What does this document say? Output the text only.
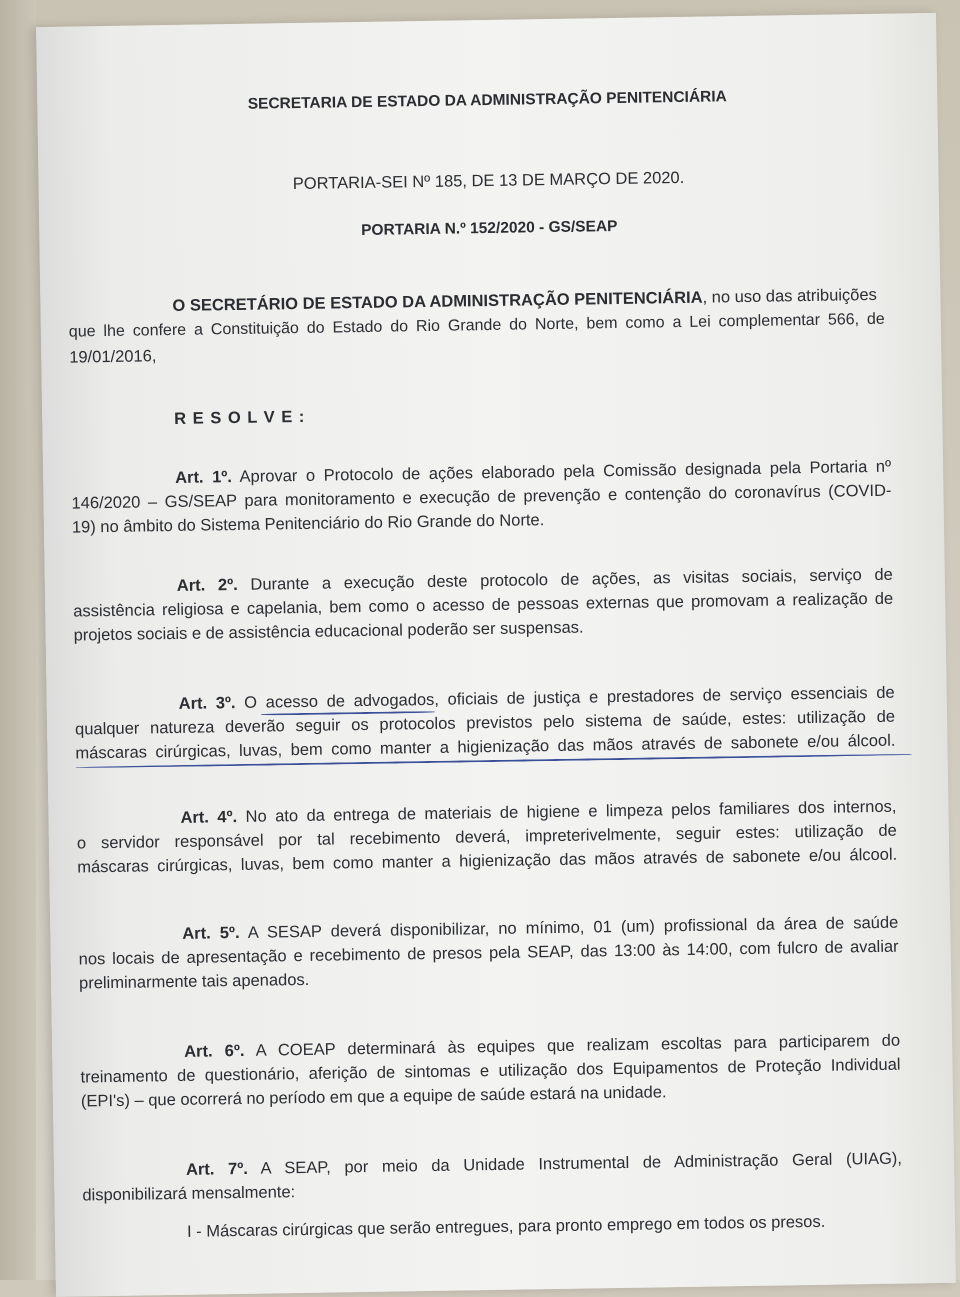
SECRETARIA DE ESTADO DA ADMINISTRAÇÃO PENITENCIÁRIA
PORTARIA-SEI Nº 185, DE 13 DE MARÇO DE 2020.
PORTARIA N.º 152/2020 - GS/SEAP
O SECRETÁRIO DE ESTADO DA ADMINISTRAÇÃO PENITENCIÁRIA, no uso das atribuições
que lhe confere a Constituição do Estado do Rio Grande do Norte, bem como a Lei complementar 566, de
19/01/2016,
R E S O L V E :
Art. 1º. Aprovar o Protocolo de ações elaborado pela Comissão designada pela Portaria nº
146/2020 – GS/SEAP para monitoramento e execução de prevenção e contenção do coronavírus (COVID-
19) no âmbito do Sistema Penitenciário do Rio Grande do Norte.
Art. 2º. Durante a execução deste protocolo de ações, as visitas sociais, serviço de
assistência religiosa e capelania, bem como o acesso de pessoas externas que promovam a realização de
projetos sociais e de assistência educacional poderão ser suspensas.
Art. 3º. O acesso de advogados, oficiais de justiça e prestadores de serviço essenciais de
qualquer natureza deverão seguir os protocolos previstos pelo sistema de saúde, estes: utilização de
máscaras cirúrgicas, luvas, bem como manter a higienização das mãos através de sabonete e/ou álcool.
Art. 4º. No ato da entrega de materiais de higiene e limpeza pelos familiares dos internos,
o servidor responsável por tal recebimento deverá, impreterivelmente, seguir estes: utilização de
máscaras cirúrgicas, luvas, bem como manter a higienização das mãos através de sabonete e/ou álcool.
Art. 5º. A SESAP deverá disponibilizar, no mínimo, 01 (um) profissional da área de saúde
nos locais de apresentação e recebimento de presos pela SEAP, das 13:00 às 14:00, com fulcro de avaliar
preliminarmente tais apenados.
Art. 6º. A COEAP determinará às equipes que realizam escoltas para participarem do
treinamento de questionário, aferição de sintomas e utilização dos Equipamentos de Proteção Individual
(EPI's) – que ocorrerá no período em que a equipe de saúde estará na unidade.
Art. 7º. A SEAP, por meio da Unidade Instrumental de Administração Geral (UIAG),
disponibilizará mensalmente:
I - Máscaras cirúrgicas que serão entregues, para pronto emprego em todos os presos.
